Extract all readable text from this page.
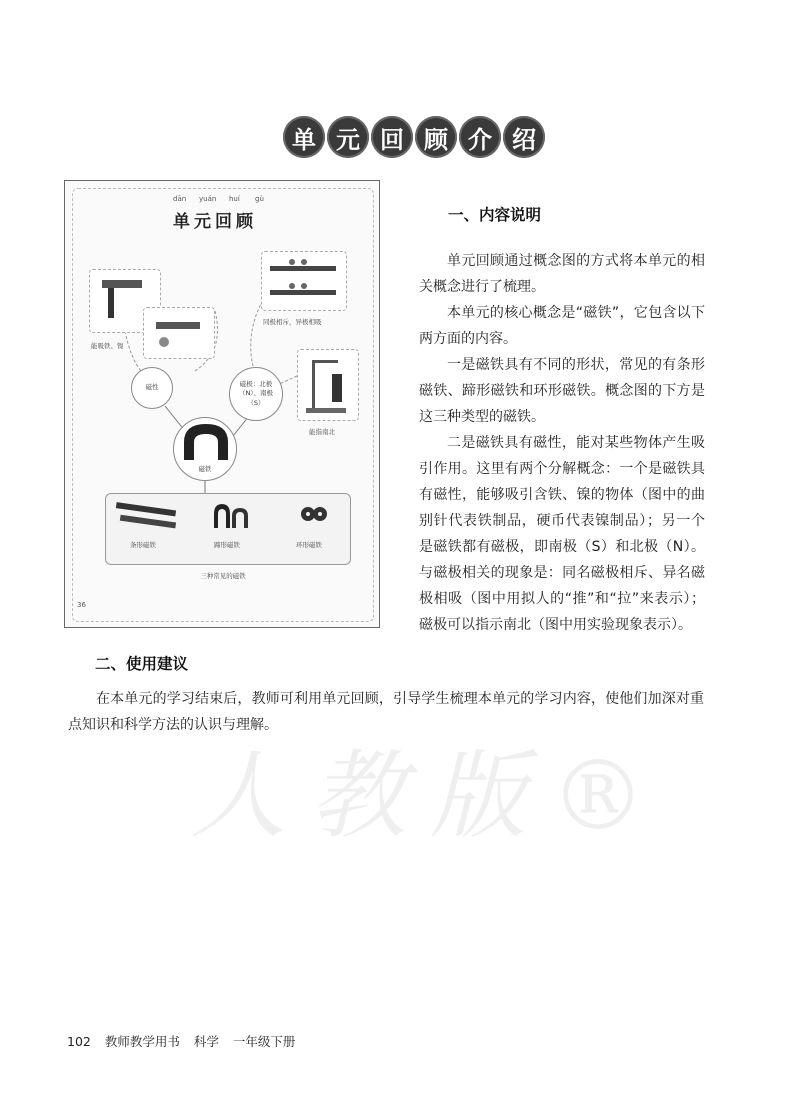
单 元 回 顾 介 绍
dān yuán huí gù
单元回顾
能吸铁、镍
同极相斥，异极相吸
能指南北
磁性	磁极：北极（N）、南极（S）
磁铁
条形磁铁	蹄形磁铁	环形磁铁
三种常见的磁铁
36
一、内容说明

单元回顾通过概念图的方式将本单元的相关概念进行了梳理。

本单元的核心概念是“磁铁”，它包含以下两方面的内容。

一是磁铁具有不同的形状，常见的有条形磁铁、蹄形磁铁和环形磁铁。概念图的下方是这三种类型的磁铁。

二是磁铁具有磁性，能对某些物体产生吸引作用。这里有两个分解概念：一个是磁铁具有磁性，能够吸引含铁、镍的物体（图中的曲别针代表铁制品，硬币代表镍制品）；另一个是磁铁都有磁极，即南极（S）和北极（N）。与磁极相关的现象是：同名磁极相斥、异名磁极相吸（图中用拟人的“推”和“拉”来表示）；磁极可以指示南北（图中用实验现象表示）。

二、使用建议

在本单元的学习结束后，教师可利用单元回顾，引导学生梳理本单元的学习内容，使他们加深对重点知识和科学方法的认识与理解。

人教版®
102 教师教学用书 科学 一年级下册
